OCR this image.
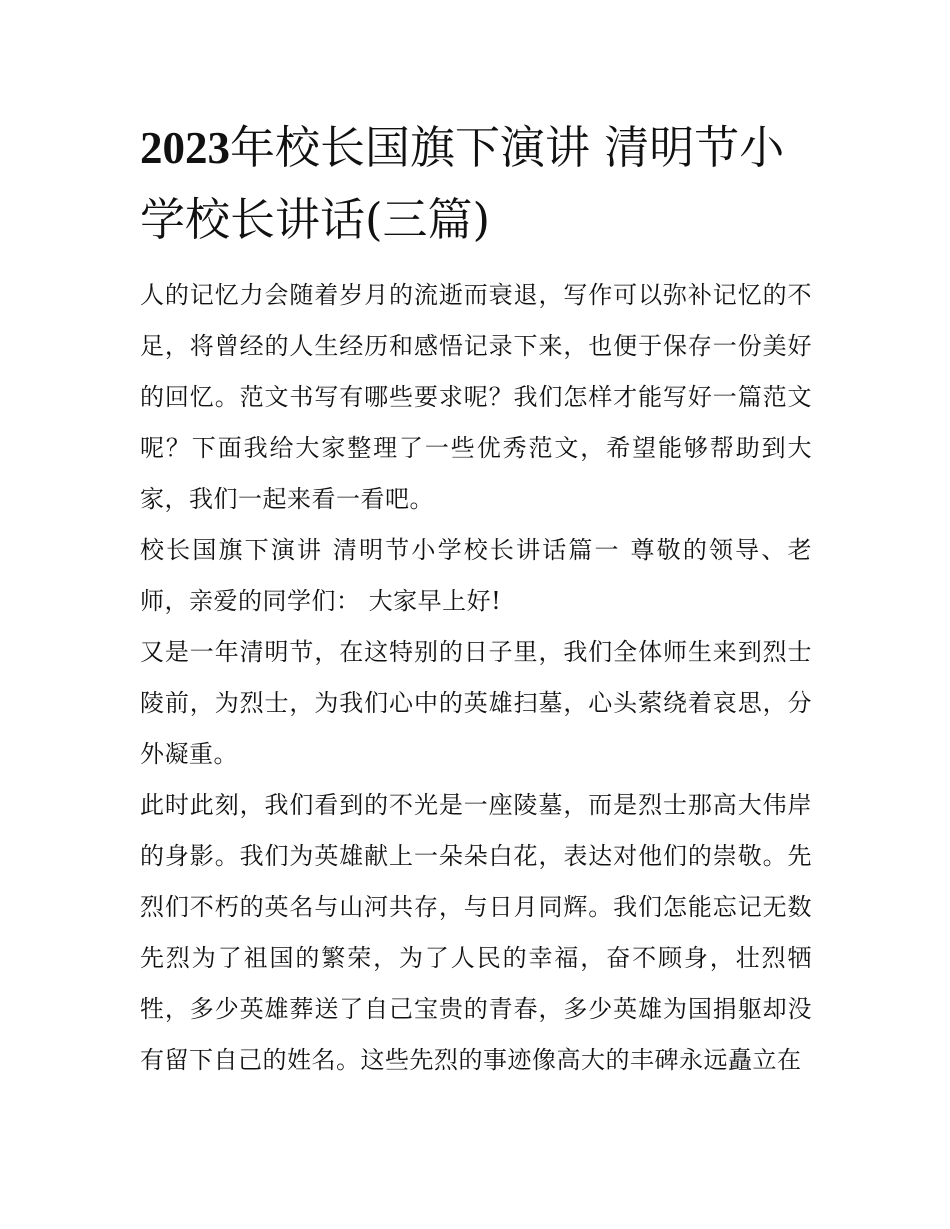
2023年校长国旗下演讲 清明节小学校长讲话(三篇)

人的记忆力会随着岁月的流逝而衰退，写作可以弥补记忆的不足，将曾经的人生经历和感悟记录下来，也便于保存一份美好的回忆。范文书写有哪些要求呢？我们怎样才能写好一篇范文呢？下面我给大家整理了一些优秀范文，希望能够帮助到大家，我们一起来看一看吧。

校长国旗下演讲 清明节小学校长讲话篇一 尊敬的领导、老师，亲爱的同学们： 大家早上好!

又是一年清明节，在这特别的日子里，我们全体师生来到烈士陵前，为烈士，为我们心中的英雄扫墓，心头萦绕着哀思，分外凝重。

此时此刻，我们看到的不光是一座陵墓，而是烈士那高大伟岸的身影。我们为英雄献上一朵朵白花，表达对他们的崇敬。先烈们不朽的英名与山河共存，与日月同辉。我们怎能忘记无数先烈为了祖国的繁荣，为了人民的幸福，奋不顾身，壮烈牺牲，多少英雄葬送了自己宝贵的青春，多少英雄为国捐躯却没有留下自己的姓名。这些先烈的事迹像高大的丰碑永远矗立在
